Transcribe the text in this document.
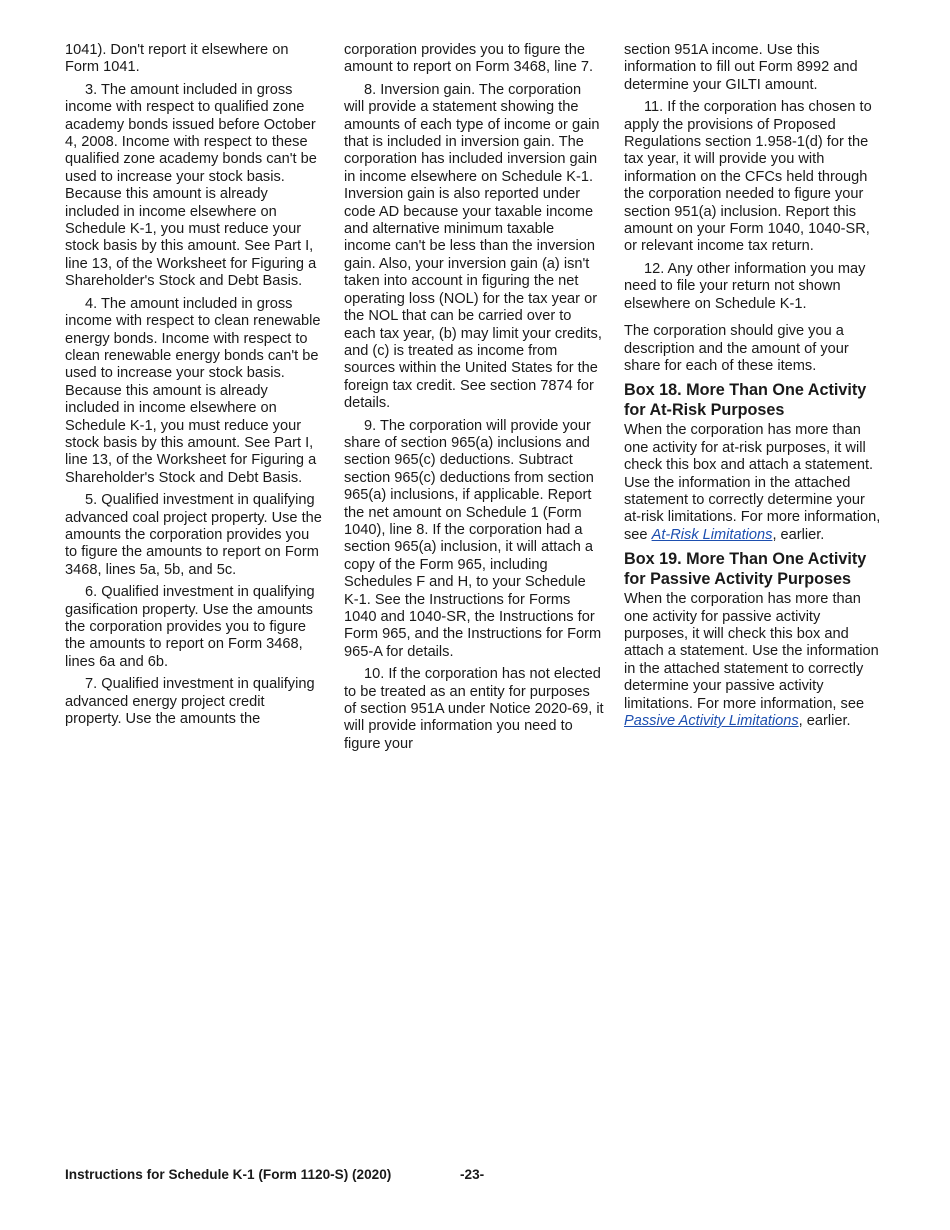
1041). Don't report it elsewhere on Form 1041.

3. The amount included in gross income with respect to qualified zone academy bonds issued before October 4, 2008. Income with respect to these qualified zone academy bonds can't be used to increase your stock basis. Because this amount is already included in income elsewhere on Schedule K-1, you must reduce your stock basis by this amount. See Part I, line 13, of the Worksheet for Figuring a Shareholder's Stock and Debt Basis.

4. The amount included in gross income with respect to clean renewable energy bonds. Income with respect to clean renewable energy bonds can't be used to increase your stock basis. Because this amount is already included in income elsewhere on Schedule K-1, you must reduce your stock basis by this amount. See Part I, line 13, of the Worksheet for Figuring a Shareholder's Stock and Debt Basis.

5. Qualified investment in qualifying advanced coal project property. Use the amounts the corporation provides you to figure the amounts to report on Form 3468, lines 5a, 5b, and 5c.

6. Qualified investment in qualifying gasification property. Use the amounts the corporation provides you to figure the amounts to report on Form 3468, lines 6a and 6b.

7. Qualified investment in qualifying advanced energy project credit property. Use the amounts the

corporation provides you to figure the amount to report on Form 3468, line 7.

8. Inversion gain. The corporation will provide a statement showing the amounts of each type of income or gain that is included in inversion gain. The corporation has included inversion gain in income elsewhere on Schedule K-1. Inversion gain is also reported under code AD because your taxable income and alternative minimum taxable income can't be less than the inversion gain. Also, your inversion gain (a) isn't taken into account in figuring the net operating loss (NOL) for the tax year or the NOL that can be carried over to each tax year, (b) may limit your credits, and (c) is treated as income from sources within the United States for the foreign tax credit. See section 7874 for details.

9. The corporation will provide your share of section 965(a) inclusions and section 965(c) deductions. Subtract section 965(c) deductions from section 965(a) inclusions, if applicable. Report the net amount on Schedule 1 (Form 1040), line 8. If the corporation had a section 965(a) inclusion, it will attach a copy of the Form 965, including Schedules F and H, to your Schedule K-1. See the Instructions for Forms 1040 and 1040-SR, the Instructions for Form 965, and the Instructions for Form 965-A for details.

10. If the corporation has not elected to be treated as an entity for purposes of section 951A under Notice 2020-69, it will provide information you need to figure your

section 951A income. Use this information to fill out Form 8992 and determine your GILTI amount.

11. If the corporation has chosen to apply the provisions of Proposed Regulations section 1.958-1(d) for the tax year, it will provide you with information on the CFCs held through the corporation needed to figure your section 951(a) inclusion. Report this amount on your Form 1040, 1040-SR, or relevant income tax return.

12. Any other information you may need to file your return not shown elsewhere on Schedule K-1.

The corporation should give you a description and the amount of your share for each of these items.

Box 18. More Than One Activity for At-Risk Purposes

When the corporation has more than one activity for at-risk purposes, it will check this box and attach a statement. Use the information in the attached statement to correctly determine your at-risk limitations. For more information, see At-Risk Limitations, earlier.

Box 19. More Than One Activity for Passive Activity Purposes

When the corporation has more than one activity for passive activity purposes, it will check this box and attach a statement. Use the information in the attached statement to correctly determine your passive activity limitations. For more information, see Passive Activity Limitations, earlier.

Instructions for Schedule K-1 (Form 1120-S) (2020)	-23-
